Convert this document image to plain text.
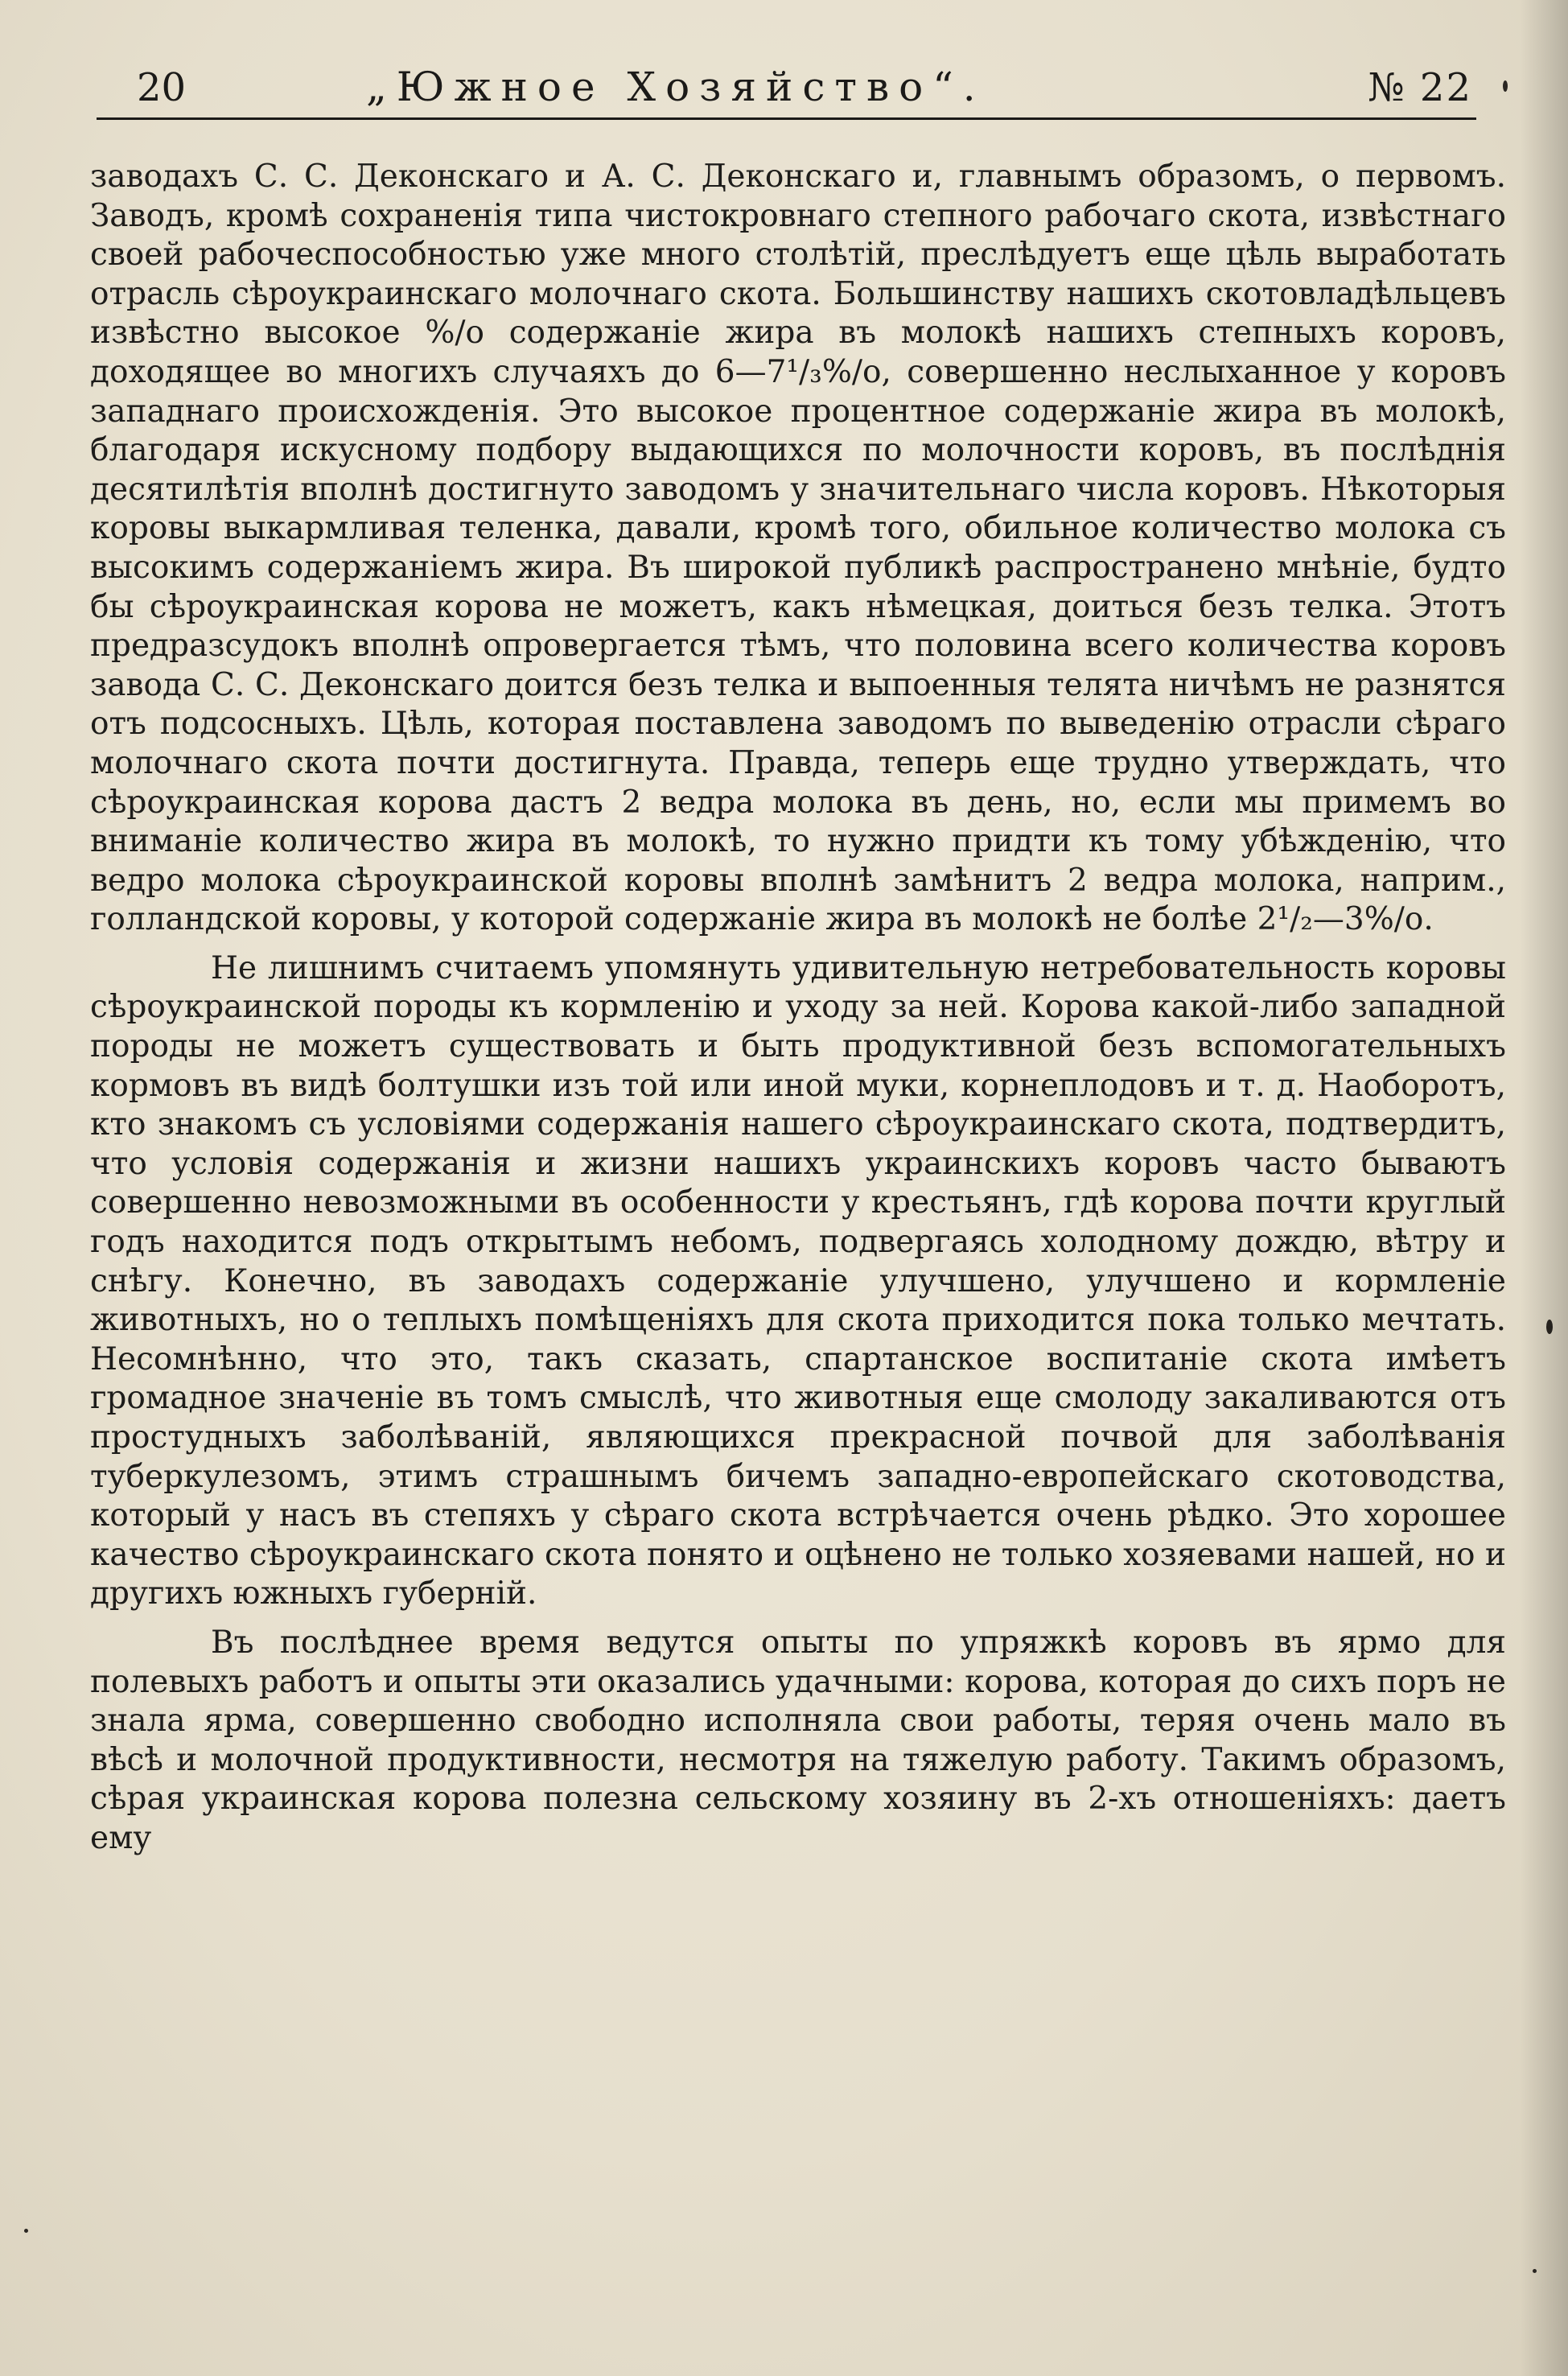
20	„Южное Хозяйство“.	№ 22

заводахъ С. С. Деконскаго и А. С. Деконскаго и, главнымъ образомъ, о первомъ. Заводъ, кромѣ сохраненія типа чистокровнаго степного рабочаго скота, извѣстнаго своей рабочеспособностью уже много столѣтій, преслѣдуетъ еще цѣль выработать отрасль сѣроукраинскаго молочнаго скота. Большинству нашихъ скотовладѣльцевъ извѣстно высокое %/о содержаніе жира въ молокѣ нашихъ степныхъ коровъ, доходящее во многихъ случаяхъ до 6—7¹/₃%/о, совершенно неслыханное у коровъ западнаго происхожденія. Это высокое процентное содержаніе жира въ молокѣ, благодаря искусному подбору выдающихся по молочности коровъ, въ послѣднія десятилѣтія вполнѣ достигнуто заводомъ у значительнаго числа коровъ. Нѣкоторыя коровы выкармливая теленка, давали, кромѣ того, обильное количество молока съ высокимъ содержаніемъ жира. Въ широкой публикѣ распространено мнѣніе, будто бы сѣроукраинская корова не можетъ, какъ нѣмецкая, доиться безъ телка. Этотъ предразсудокъ вполнѣ опровергается тѣмъ, что половина всего количества коровъ завода С. С. Деконскаго доится безъ телка и выпоенныя телята ничѣмъ не разнятся отъ подсосныхъ. Цѣль, которая поставлена заводомъ по выведенію отрасли сѣраго молочнаго скота почти достигнута. Правда, теперь еще трудно утверждать, что сѣроукраинская корова дастъ 2 ведра молока въ день, но, если мы примемъ во вниманіе количество жира въ молокѣ, то нужно придти къ тому убѣжденію, что ведро молока сѣроукраинской коровы вполнѣ замѣнитъ 2 ведра молока, наприм., голландской коровы, у которой содержаніе жира въ молокѣ не болѣе 2¹/₂—3%/о.

Не лишнимъ считаемъ упомянуть удивительную нетребовательность коровы сѣроукраинской породы къ кормленію и уходу за ней. Корова какой-либо западной породы не можетъ существовать и быть продуктивной безъ вспомогательныхъ кормовъ въ видѣ болтушки изъ той или иной муки, корнеплодовъ и т. д. Наоборотъ, кто знакомъ съ условіями содержанія нашего сѣроукраинскаго скота, подтвердитъ, что условія содержанія и жизни нашихъ украинскихъ коровъ часто бываютъ совершенно невозможными въ особенности у крестьянъ, гдѣ корова почти круглый годъ находится подъ открытымъ небомъ, подвергаясь холодному дождю, вѣтру и снѣгу. Конечно, въ заводахъ содержаніе улучшено, улучшено и кормленіе животныхъ, но о теплыхъ помѣщеніяхъ для скота приходится пока только мечтать. Несомнѣнно, что это, такъ сказать, спартанское воспитаніе скота имѣетъ громадное значеніе въ томъ смыслѣ, что животныя еще смолоду закаливаются отъ простудныхъ заболѣваній, являющихся прекрасной почвой для заболѣванія туберкулезомъ, этимъ страшнымъ бичемъ западно-европейскаго скотоводства, который у насъ въ степяхъ у сѣраго скота встрѣчается очень рѣдко. Это хорошее качество сѣроукраинскаго скота понято и оцѣнено не только хозяевами нашей, но и другихъ южныхъ губерній.

Въ послѣднее время ведутся опыты по упряжкѣ коровъ въ ярмо для полевыхъ работъ и опыты эти оказались удачными: корова, которая до сихъ поръ не знала ярма, совершенно свободно исполняла свои работы, теряя очень мало въ вѣсѣ и молочной продуктивности, несмотря на тяжелую работу. Такимъ образомъ, сѣрая украинская корова полезна сельскому хозяину въ 2-хъ отношеніяхъ: даетъ ему
